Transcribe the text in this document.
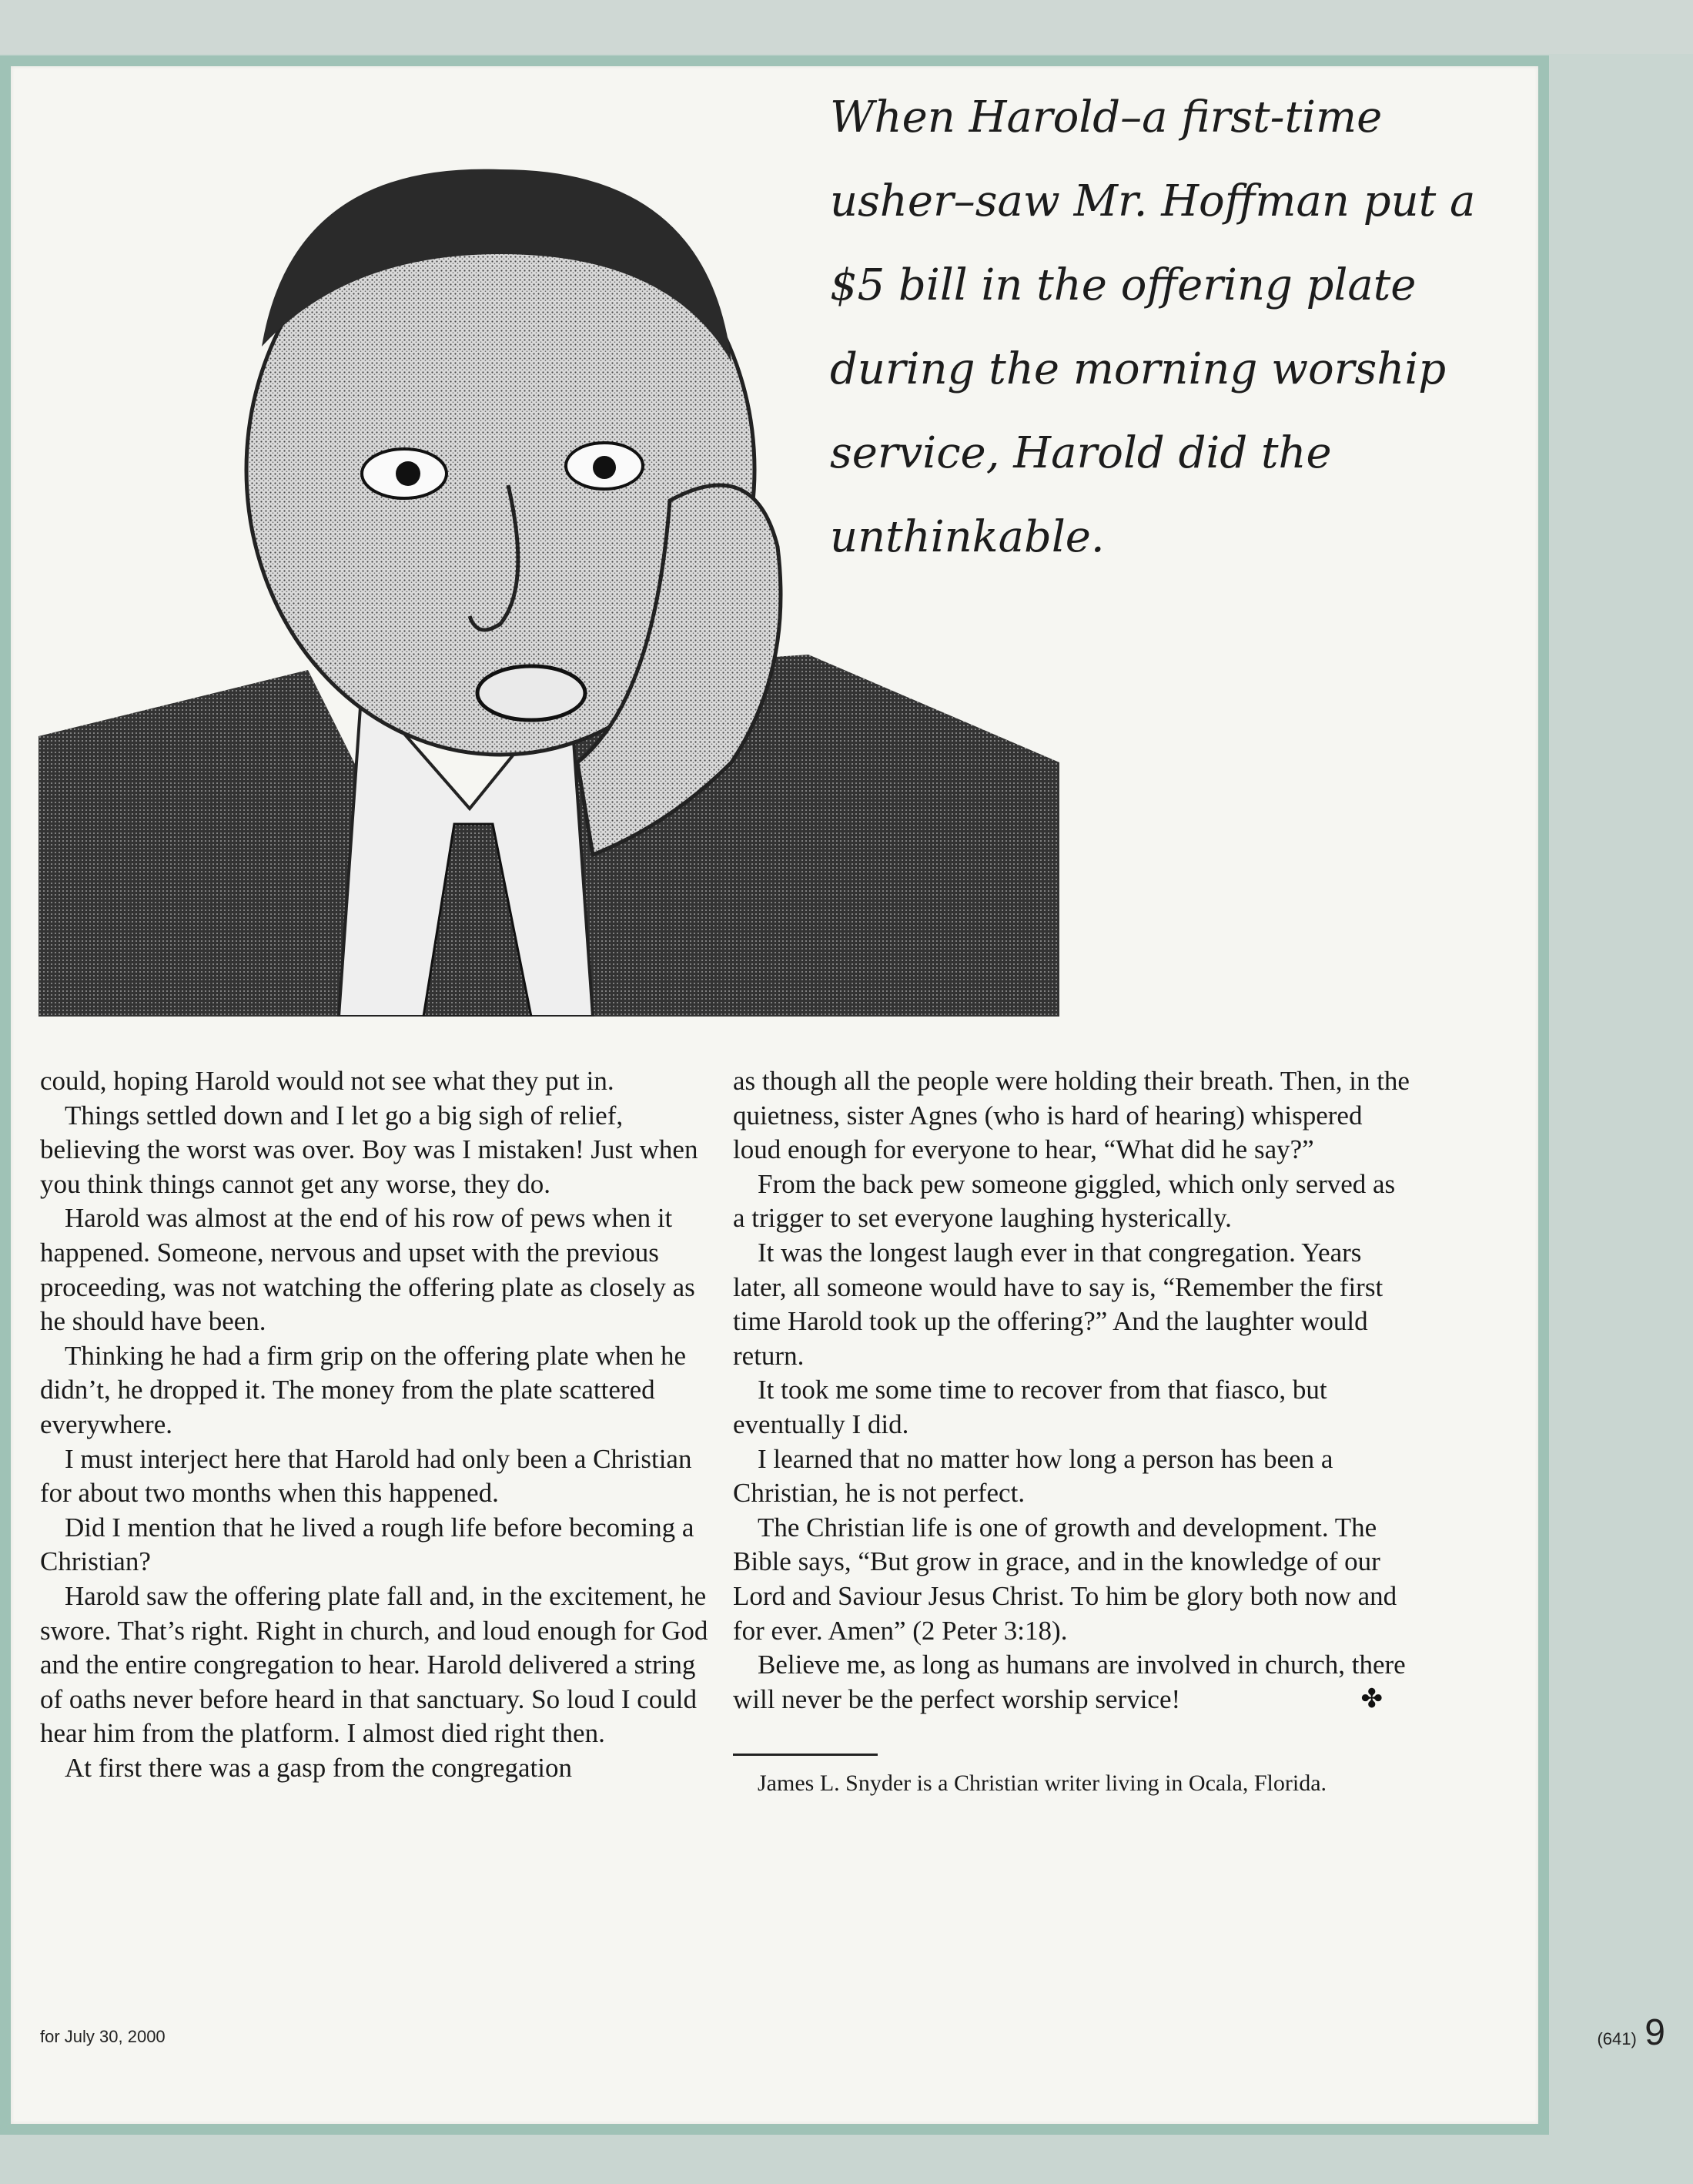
When Harold–a first-time usher–saw Mr. Hoffman put a $5 bill in the offering plate during the morning worship service, Harold did the unthinkable.

could, hoping Harold would not see what they put in.

Things settled down and I let go a big sigh of relief, believing the worst was over. Boy was I mistaken! Just when you think things cannot get any worse, they do.

Harold was almost at the end of his row of pews when it happened. Someone, nervous and upset with the previous proceeding, was not watching the offering plate as closely as he should have been.

Thinking he had a firm grip on the offering plate when he didn’t, he dropped it. The money from the plate scattered everywhere.

I must interject here that Harold had only been a Christian for about two months when this happened.

Did I mention that he lived a rough life before becoming a Christian?

Harold saw the offering plate fall and, in the excitement, he swore. That’s right. Right in church, and loud enough for God and the entire congregation to hear. Harold delivered a string of oaths never before heard in that sanctuary. So loud I could hear him from the platform. I almost died right then.

At first there was a gasp from the congregation

as though all the people were holding their breath. Then, in the quietness, sister Agnes (who is hard of hearing) whispered loud enough for everyone to hear, “What did he say?”

From the back pew someone giggled, which only served as a trigger to set everyone laughing hysterically.

It was the longest laugh ever in that congregation. Years later, all someone would have to say is, “Remember the first time Harold took up the offering?” And the laughter would return.

It took me some time to recover from that fiasco, but eventually I did.

I learned that no matter how long a person has been a Christian, he is not perfect.

The Christian life is one of growth and development. The Bible says, “But grow in grace, and in the knowledge of our Lord and Saviour Jesus Christ. To him be glory both now and for ever. Amen” (2 Peter 3:18).

Believe me, as long as humans are involved in church, there will never be the perfect worship service!	✤

James L. Snyder is a Christian writer living in Ocala, Florida.

for July 30, 2000	(641) 9
